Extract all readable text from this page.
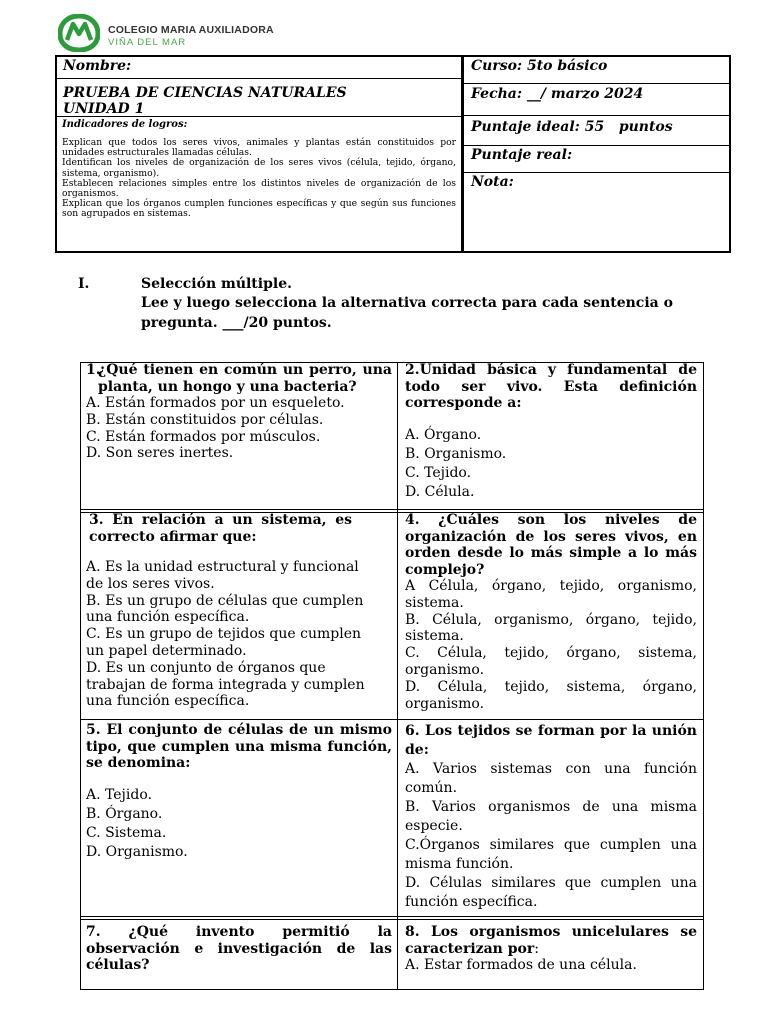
COLEGIO MARIA AUXILIADORA
VIÑA DEL MAR
Nombre:
PRUEBA DE CIENCIAS NATURALES
UNIDAD 1
Indicadores de logros:

Explican que todos los seres vivos, animales y plantas están constituidos por unidades estructurales llamadas células.

Identifican los niveles de organización de los seres vivos (célula, tejido, órgano, sistema, organismo).

Establecen relaciones simples entre los distintos niveles de organización de los organismos.

Explican que los órganos cumplen funciones específicas y que según sus funciones son agrupados en sistemas.

Curso: 5to básico
Fecha: __/ marzo 2024
Puntaje ideal: 55   puntos
Puntaje real:
Nota:
I.	Selección múltiple.
Lee y luego selecciona la alternativa correcta para cada sentencia o pregunta. ___/20 puntos.
1.
¿Qué tienen en común un perro, una planta, un hongo y una bacteria?
A. Están formados por un esqueleto.
B. Están constituidos por células.
C. Están formados por músculos.
D. Son seres inertes.
2.Unidad básica y fundamental de todo ser vivo. Esta definición corresponde a:
A. Órgano.
B. Organismo.
C. Tejido.
D. Célula.
3. En relación a un sistema, es correcto afirmar que:
A. Es la unidad estructural y funcional de los seres vivos.
B. Es un grupo de células que cumplen una función específica.
C. Es un grupo de tejidos que cumplen un papel determinado.
D. Es un conjunto de órganos que trabajan de forma integrada y cumplen una función específica.
4. ¿Cuáles son los niveles de organización de los seres vivos, en orden desde lo más simple a lo más complejo?
A Célula, órgano, tejido, organismo, sistema.
B. Célula, organismo, órgano, tejido, sistema.
C. Célula, tejido, órgano, sistema, organismo.
D. Célula, tejido, sistema, órgano, organismo.
5. El conjunto de células de un mismo tipo, que cumplen una misma función, se denomina:
A. Tejido.
B. Órgano.
C. Sistema.
D. Organismo.
6. Los tejidos se forman por la unión de:
A. Varios sistemas con una función común.
B. Varios organismos de una misma especie.
C.Órganos similares que cumplen una misma función.
D. Células similares que cumplen una función específica.
7. ¿Qué invento permitió la observación e investigación de las células?
8. Los organismos unicelulares se caracterizan por:
A. Estar formados de una célula.
